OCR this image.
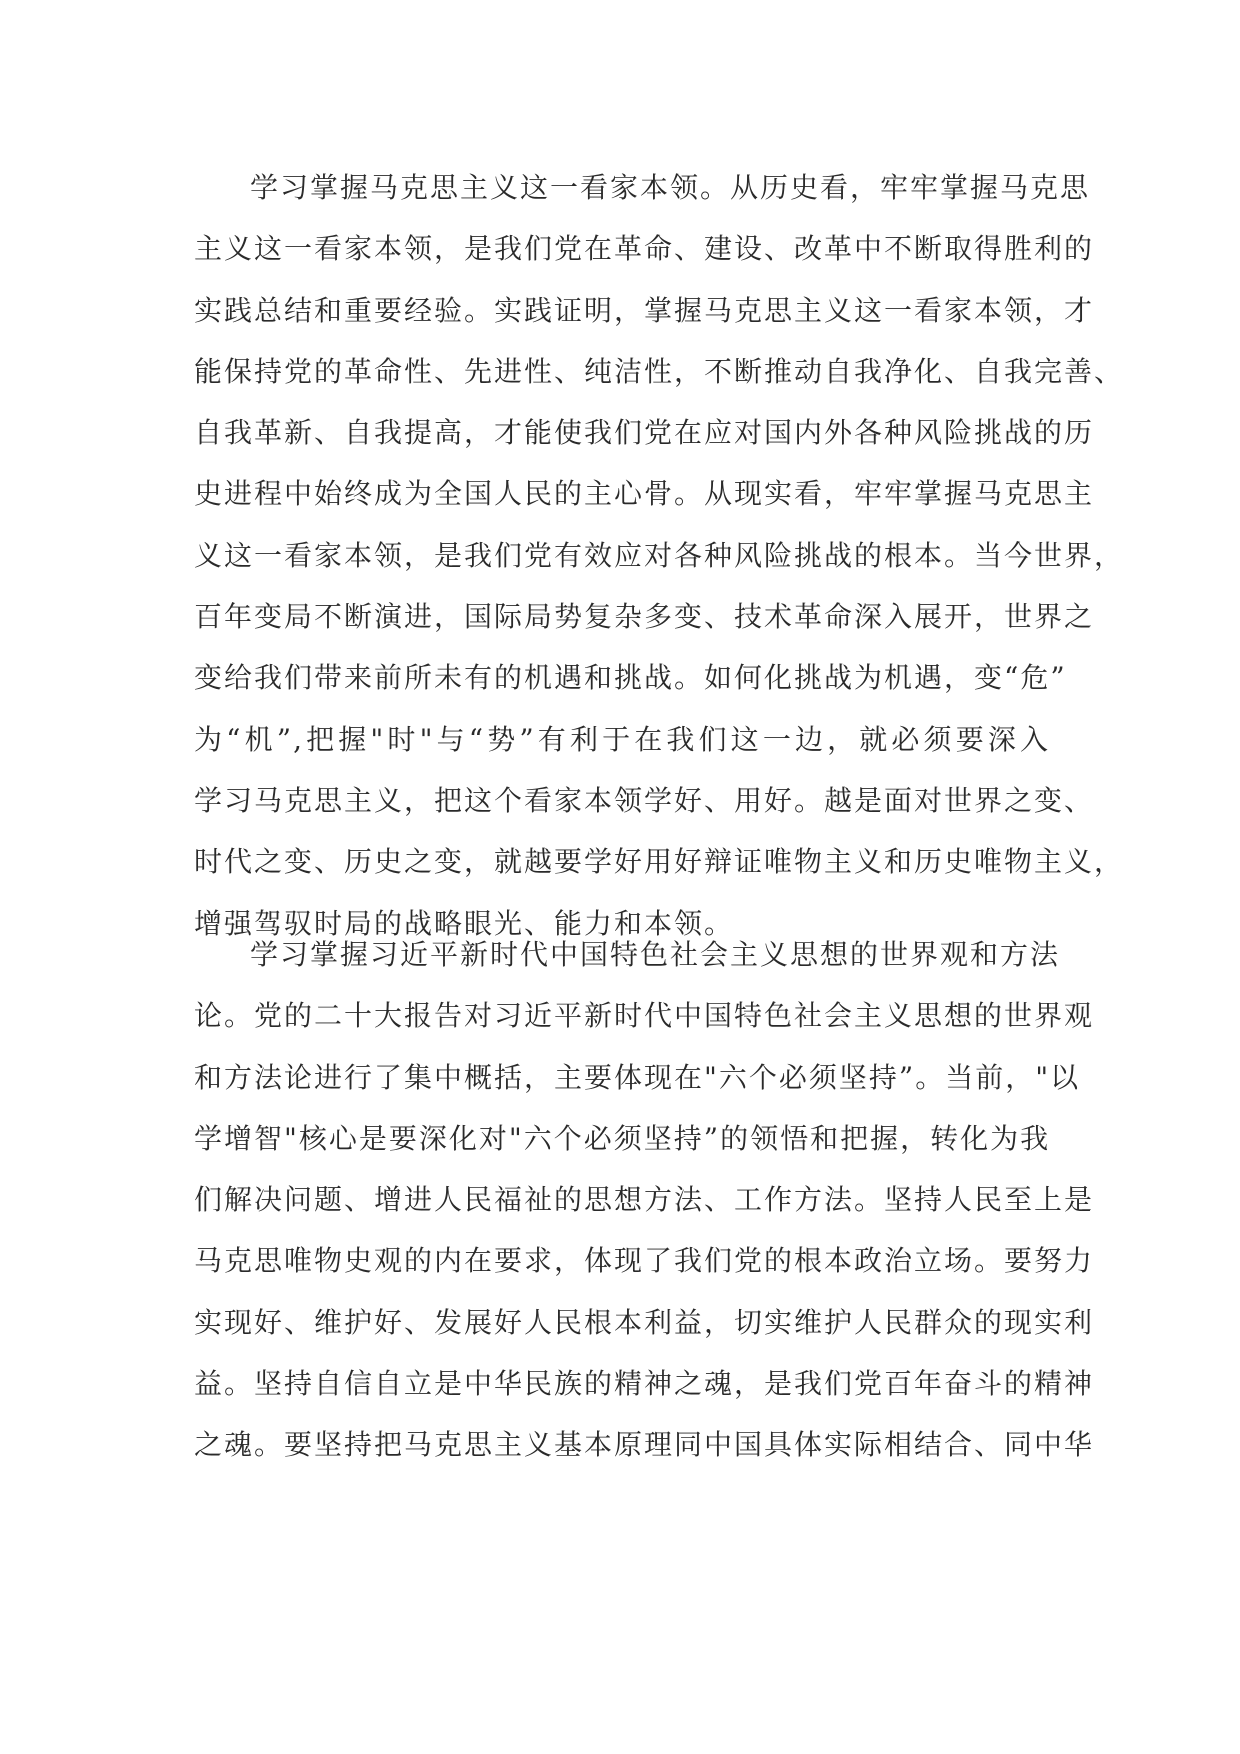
学习掌握马克思主义这一看家本领。从历史看，牢牢掌握马克思
主义这一看家本领，是我们党在革命、建设、改革中不断取得胜利的
实践总结和重要经验。实践证明，掌握马克思主义这一看家本领，才
能保持党的革命性、先进性、纯洁性，不断推动自我净化、自我完善、
自我革新、自我提高，才能使我们党在应对国内外各种风险挑战的历
史进程中始终成为全国人民的主心骨。从现实看，牢牢掌握马克思主
义这一看家本领，是我们党有效应对各种风险挑战的根本。当今世界，
百年变局不断演进，国际局势复杂多变、技术革命深入展开，世界之
变给我们带来前所未有的机遇和挑战。如何化挑战为机遇，变“危”
为“机”,把握"时"与“势”有利于在我们这一边，就必须要深入
学习马克思主义，把这个看家本领学好、用好。越是面对世界之变、
时代之变、历史之变，就越要学好用好辩证唯物主义和历史唯物主义，
增强驾驭时局的战略眼光、能力和本领。
学习掌握习近平新时代中国特色社会主义思想的世界观和方法
论。党的二十大报告对习近平新时代中国特色社会主义思想的世界观
和方法论进行了集中概括，主要体现在"六个必须坚持”。当前，"以
学增智"核心是要深化对"六个必须坚持”的领悟和把握，转化为我
们解决问题、增进人民福祉的思想方法、工作方法。坚持人民至上是
马克思唯物史观的内在要求，体现了我们党的根本政治立场。要努力
实现好、维护好、发展好人民根本利益，切实维护人民群众的现实利
益。坚持自信自立是中华民族的精神之魂，是我们党百年奋斗的精神
之魂。要坚持把马克思主义基本原理同中国具体实际相结合、同中华
